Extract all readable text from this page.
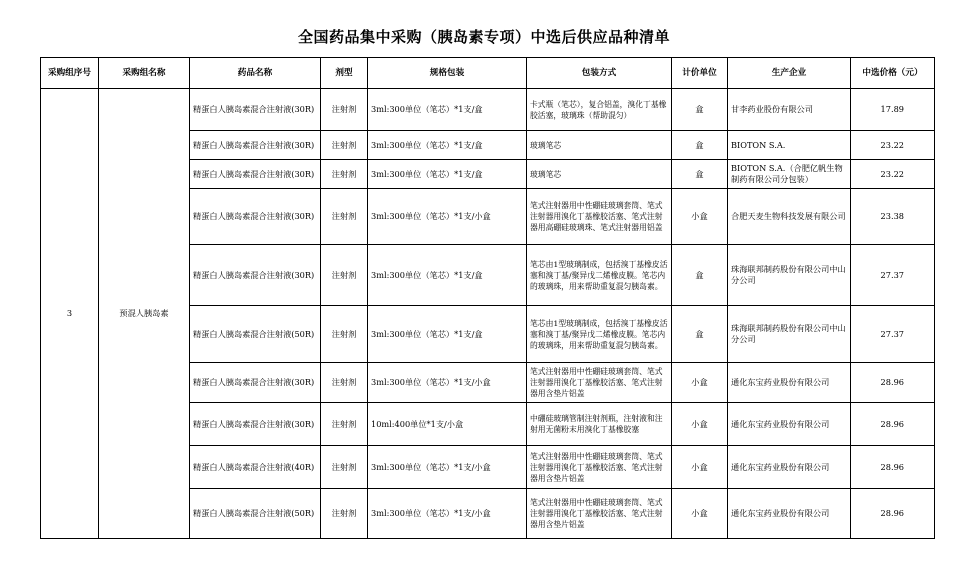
全国药品集中采购（胰岛素专项）中选后供应品种清单
采购组序号	采购组名称	药品名称	剂型	规格包装	包装方式	计价单位	生产企业	中选价格（元）
3	预混人胰岛素	精蛋白人胰岛素混合注射液(30R)	注射剂	3ml:300单位（笔芯）*1支/盒	卡式瓶（笔芯），复合铝盖，溴化丁基橡胶活塞，玻璃珠（帮助混匀）	盒	甘李药业股份有限公司	17.89
		精蛋白人胰岛素混合注射液(30R)	注射剂	3ml:300单位（笔芯）*1支/盒	玻璃笔芯	盒	BIOTON S.A.	23.22
		精蛋白人胰岛素混合注射液(30R)	注射剂	3ml:300单位（笔芯）*1支/盒	玻璃笔芯	盒	BIOTON S.A.（合肥亿帆生物制药有限公司分包装）	23.22
		精蛋白人胰岛素混合注射液(30R)	注射剂	3ml:300单位（笔芯）*1支/小盒	笔式注射器用中性硼硅玻璃套筒、笔式注射器用溴化丁基橡胶活塞、笔式注射器用高硼硅玻璃珠、笔式注射器用铝盖	小盒	合肥天麦生物科技发展有限公司	23.38
		精蛋白人胰岛素混合注射液(30R)	注射剂	3ml:300单位（笔芯）*1支/盒	笔芯由1型玻璃制成，包括溴丁基橡皮活塞和溴丁基/聚异戊二烯橡皮膜。笔芯内的玻璃珠，用来帮助重复混匀胰岛素。	盒	珠海联邦制药股份有限公司中山分公司	27.37
		精蛋白人胰岛素混合注射液(50R)	注射剂	3ml:300单位（笔芯）*1支/盒	笔芯由1型玻璃制成，包括溴丁基橡皮活塞和溴丁基/聚异戊二烯橡皮膜。笔芯内的玻璃珠，用来帮助重复混匀胰岛素。	盒	珠海联邦制药股份有限公司中山分公司	27.37
		精蛋白人胰岛素混合注射液(30R)	注射剂	3ml:300单位（笔芯）*1支/小盒	笔式注射器用中性硼硅玻璃套筒、笔式注射器用溴化丁基橡胶活塞、笔式注射器用含垫片铝盖	小盒	通化东宝药业股份有限公司	28.96
		精蛋白人胰岛素混合注射液(30R)	注射剂	10ml:400单位*1支/小盒	中硼硅玻璃管制注射剂瓶，注射液和注射用无菌粉末用溴化丁基橡胶塞	小盒	通化东宝药业股份有限公司	28.96
		精蛋白人胰岛素混合注射液(40R)	注射剂	3ml:300单位（笔芯）*1支/小盒	笔式注射器用中性硼硅玻璃套筒、笔式注射器用溴化丁基橡胶活塞、笔式注射器用含垫片铝盖	小盒	通化东宝药业股份有限公司	28.96
		精蛋白人胰岛素混合注射液(50R)	注射剂	3ml:300单位（笔芯）*1支/小盒	笔式注射器用中性硼硅玻璃套筒、笔式注射器用溴化丁基橡胶活塞、笔式注射器用含垫片铝盖	小盒	通化东宝药业股份有限公司	28.96
